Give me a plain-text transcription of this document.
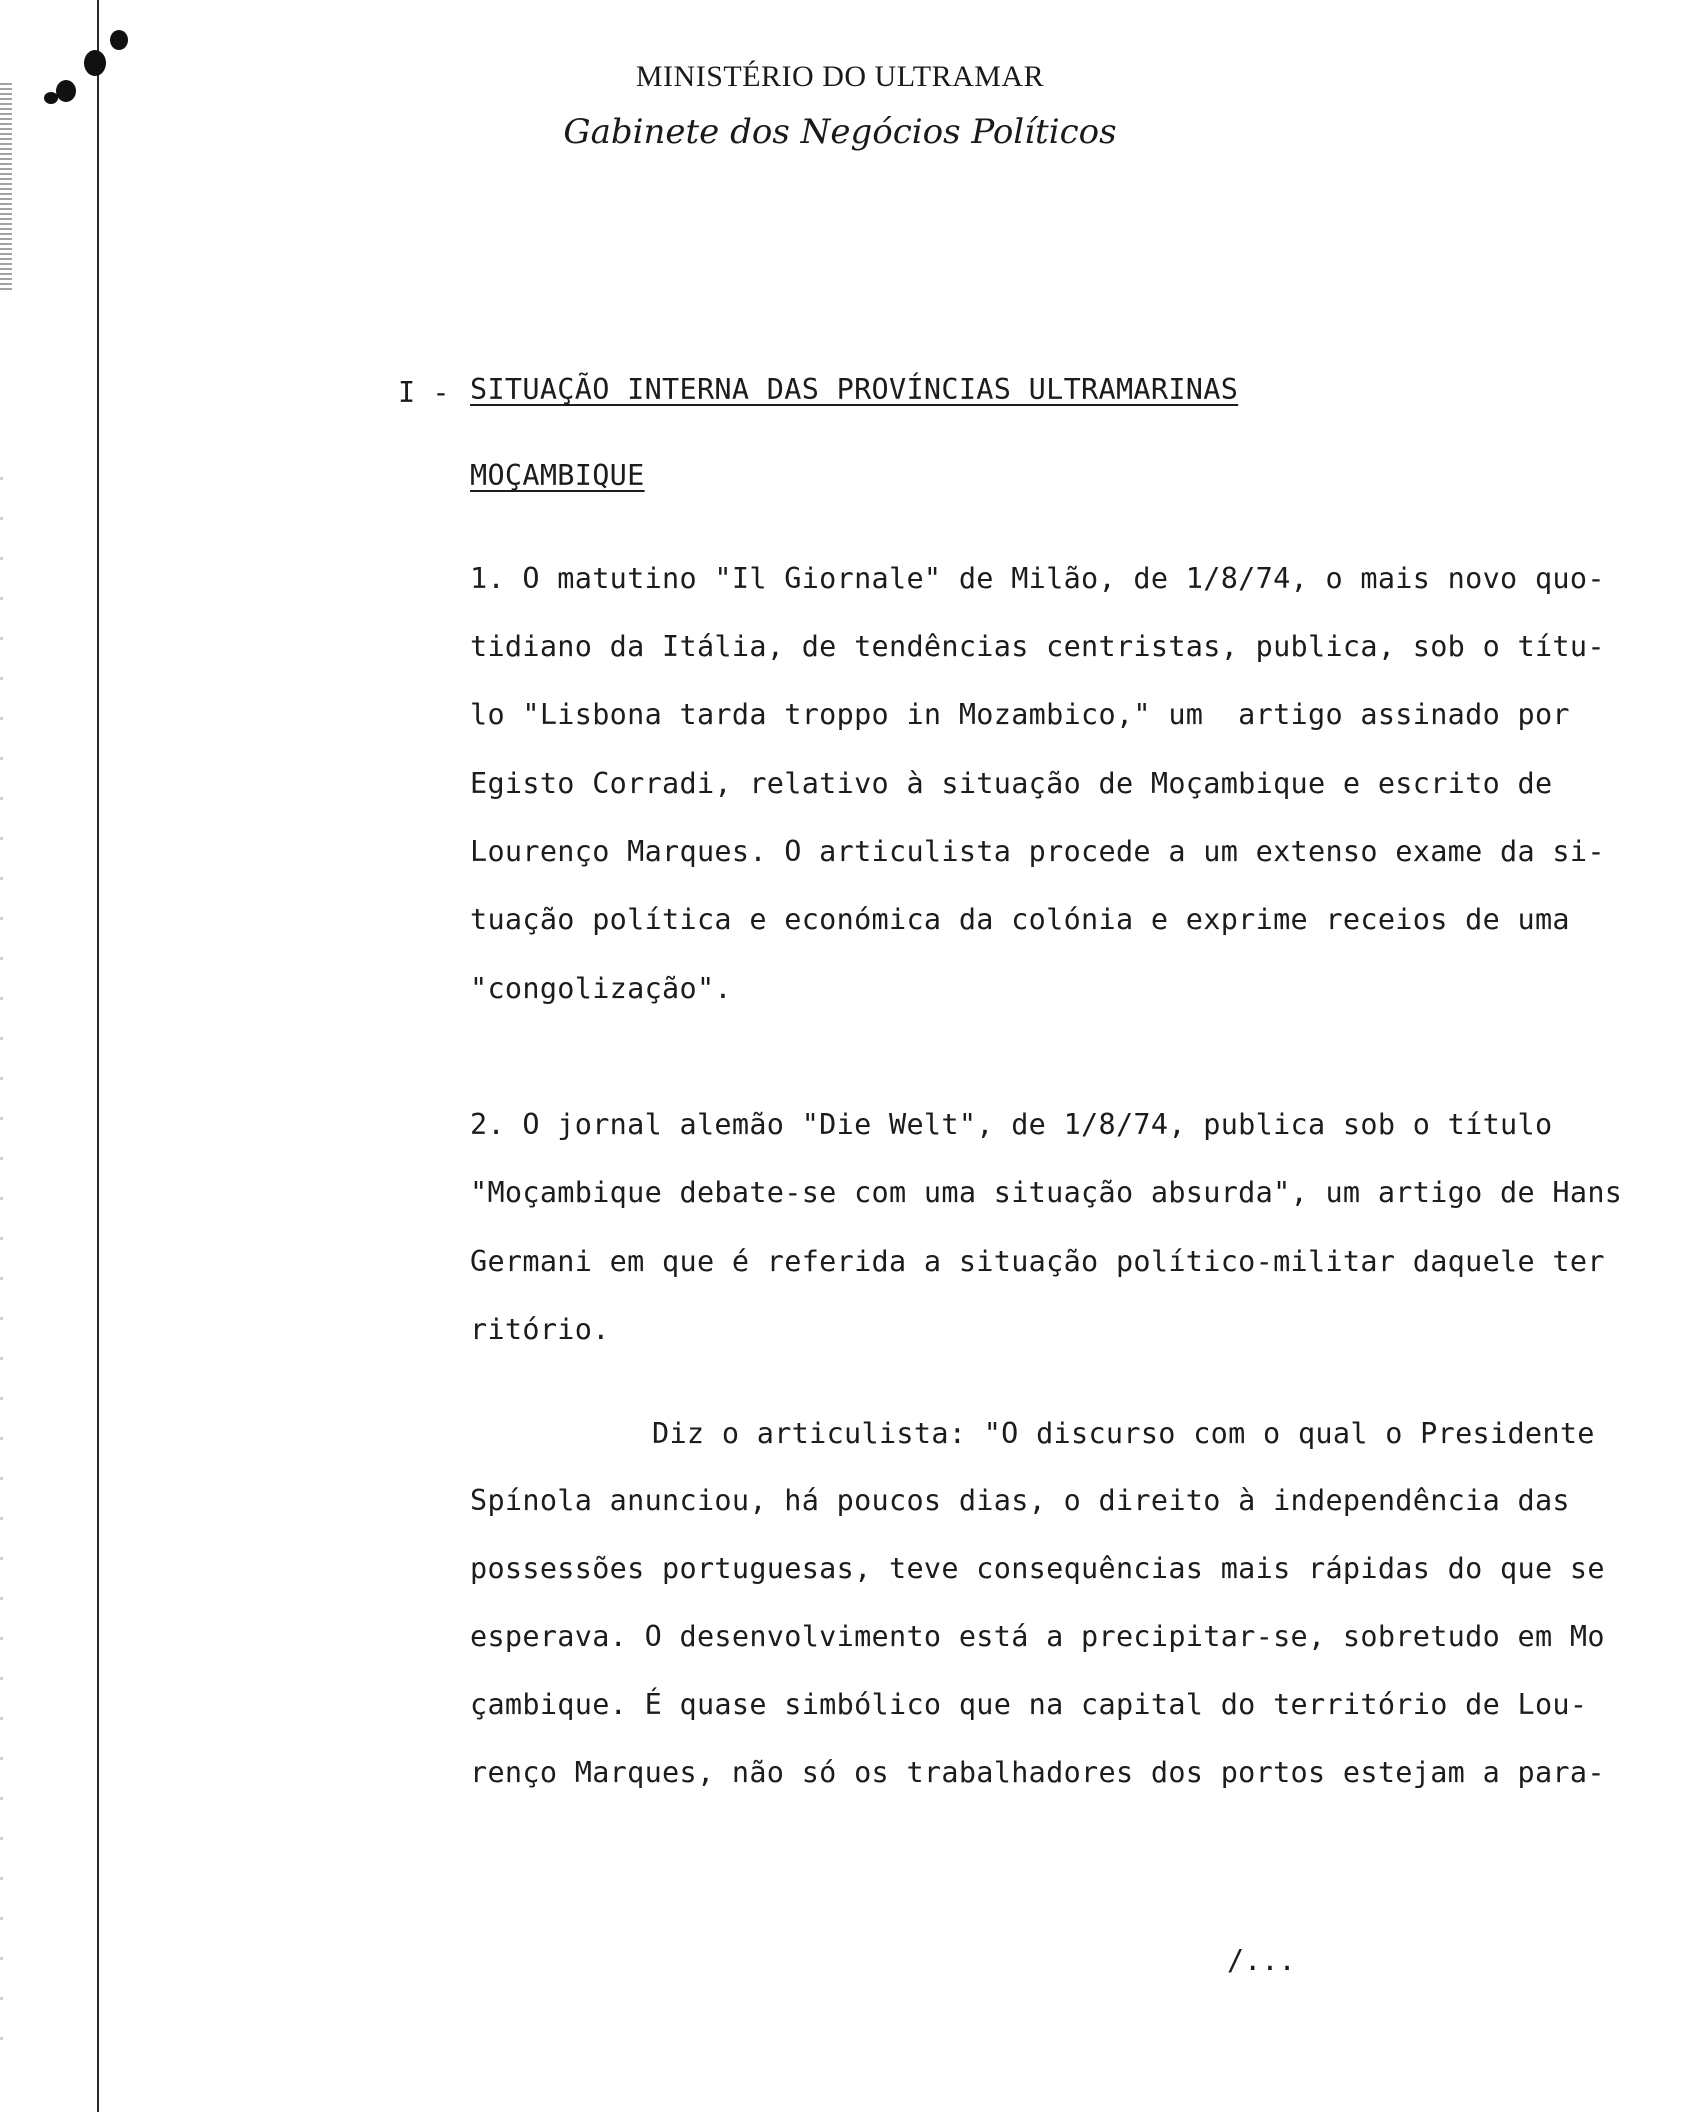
MINISTÉRIO DO ULTRAMAR
Gabinete dos Negócios Políticos
I - SITUAÇÃO INTERNA DAS PROVÍNCIAS ULTRAMARINAS
MOÇAMBIQUE
1. O matutino "Il Giornale" de Milão, de 1/8/74, o mais novo quo-
tidiano da Itália, de tendências centristas, publica, sob o títu-
lo "Lisbona tarda troppo in Mozambico," um  artigo assinado por
Egisto Corradi, relativo à situação de Moçambique e escrito de
Lourenço Marques. O articulista procede a um extenso exame da si-
tuação política e económica da colónia e exprime receios de uma
"congolização".
2. O jornal alemão "Die Welt", de 1/8/74, publica sob o título
"Moçambique debate-se com uma situação absurda", um artigo de Hans
Germani em que é referida a situação político-militar daquele ter
ritório.
Diz o articulista: "O discurso com o qual o Presidente
Spínola anunciou, há poucos dias, o direito à independência das
possessões portuguesas, teve consequências mais rápidas do que se
esperava. O desenvolvimento está a precipitar-se, sobretudo em Mo
çambique. É quase simbólico que na capital do território de Lou-
renço Marques, não só os trabalhadores dos portos estejam a para-
/...
